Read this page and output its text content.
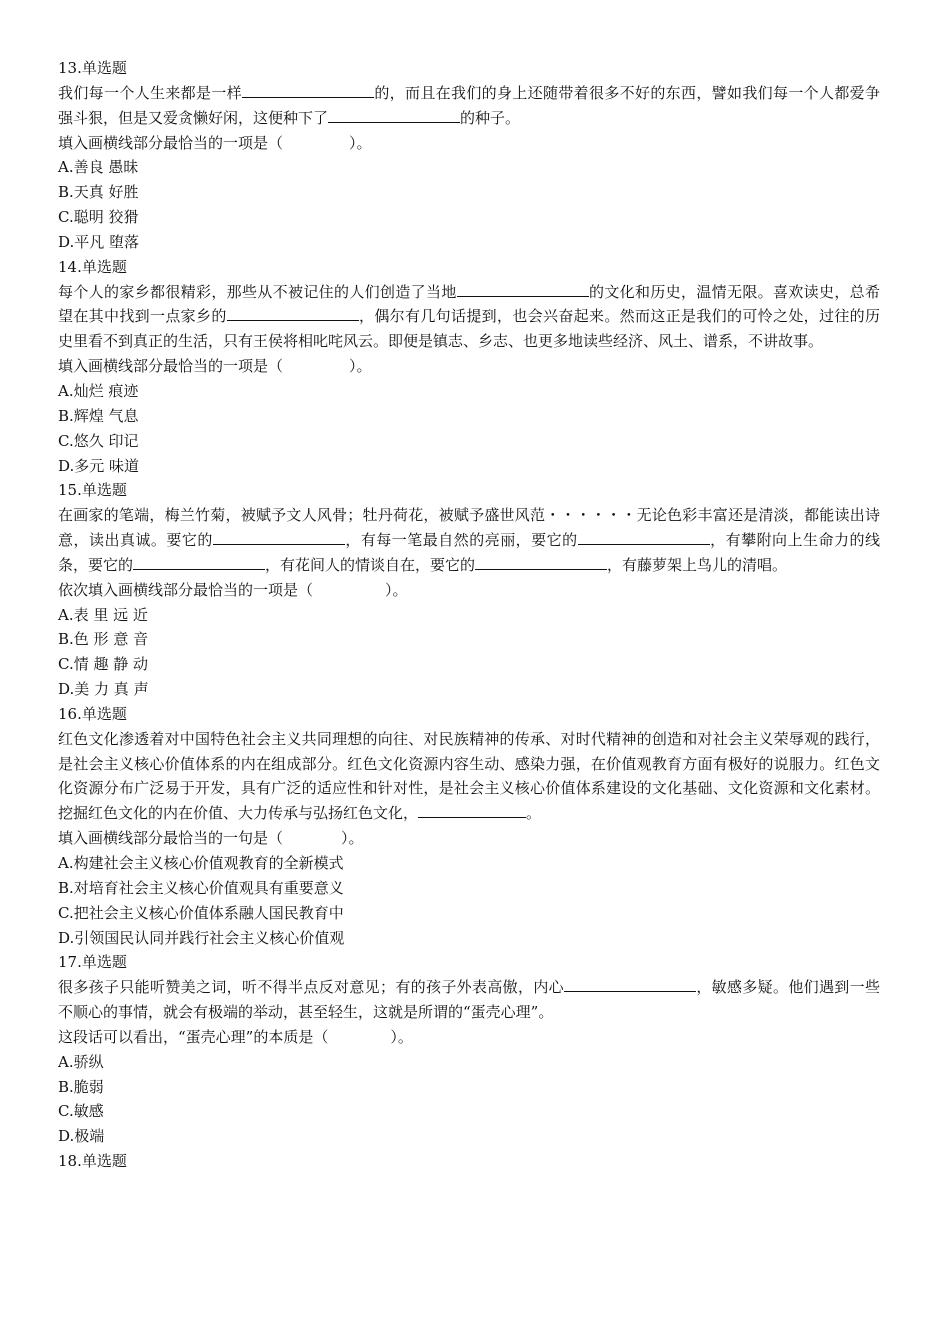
13.单选题
我们每一个人生来都是一样	的，而且在我们的身上还随带着很多不好的东西，譬如我们每一个人都爱争强斗狠，但是又爱贪懒好闲，这便种下了	的种子。
填入画横线部分最恰当的一项是（	）。
A.善良 愚昧
B.天真 好胜
C.聪明 狡猾
D.平凡 堕落
14.单选题
每个人的家乡都很精彩，那些从不被记住的人们创造了当地	的文化和历史，温情无限。喜欢读史，总希望在其中找到一点家乡的	，偶尔有几句话提到，也会兴奋起来。然而这正是我们的可怜之处，过往的历史里看不到真正的生活，只有王侯将相叱咤风云。即便是镇志、乡志、也更多地读些经济、风土、谱系，不讲故事。
填入画横线部分最恰当的一项是（	）。
A.灿烂 痕迹
B.辉煌 气息
C.悠久 印记
D.多元 味道
15.单选题
在画家的笔端，梅兰竹菊，被赋予文人风骨；牡丹荷花，被赋予盛世风范・・・・・・无论色彩丰富还是清淡，都能读出诗意，读出真诚。要它的	，有每一笔最自然的亮丽，要它的	，有攀附向上生命力的线条，要它的	，有花间人的情谈自在，要它的	，有藤萝架上鸟儿的清唱。
依次填入画横线部分最恰当的一项是（	）。
A.表 里 远 近
B.色 形 意 音
C.情 趣 静 动
D.美 力 真 声
16.单选题
红色文化渗透着对中国特色社会主义共同理想的向往、对民族精神的传承、对时代精神的创造和对社会主义荣辱观的践行，是社会主义核心价值体系的内在组成部分。红色文化资源内容生动、感染力强，在价值观教育方面有极好的说服力。红色文化资源分布广泛易于开发，具有广泛的适应性和针对性，是社会主义核心价值体系建设的文化基础、文化资源和文化素材。挖掘红色文化的内在价值、大力传承与弘扬红色文化，	。
填入画横线部分最恰当的一句是（	）。
A.构建社会主义核心价值观教育的全新模式
B.对培育社会主义核心价值观具有重要意义
C.把社会主义核心价值体系融人国民教育中
D.引领国民认同并践行社会主义核心价值观
17.单选题
很多孩子只能听赞美之词，听不得半点反对意见；有的孩子外表高傲，内心	，敏感多疑。他们遇到一些不顺心的事情，就会有极端的举动，甚至轻生，这就是所谓的“蛋壳心理”。
这段话可以看出，“蛋壳心理”的本质是（	）。
A.骄纵
B.脆弱
C.敏感
D.极端
18.单选题
